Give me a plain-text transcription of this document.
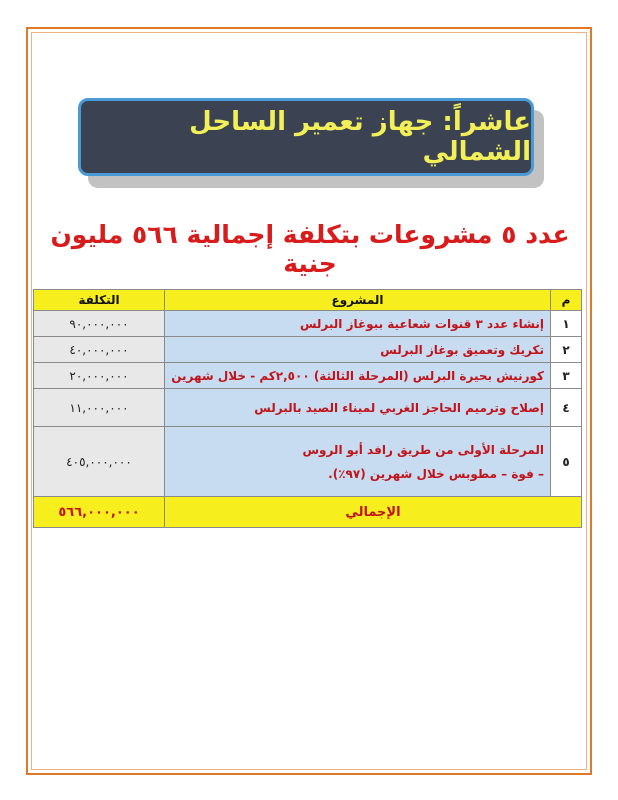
عاشراً: جهاز تعمير الساحل الشمالي
عدد ٥ مشروعات بتكلفة إجمالية ٥٦٦ مليون جنية
م	المشروع	التكلفة
١	إنشاء عدد ٣ قنوات شعاعية ببوغاز البرلس	٩٠,٠٠٠,٠٠٠
٢	تكريك وتعميق بوغاز البرلس	٤٠,٠٠٠,٠٠٠
٣	كورنيش بحيرة البرلس (المرحلة الثالثة) ٢,٥٠٠كم - خلال شهرين	٢٠,٠٠٠,٠٠٠
٤	إصلاح وترميم الحاجز الغربي لميناء الصيد بالبرلس	١١,٠٠٠,٠٠٠
٥	المرحلة الأولى من طريق رافد أبو الروس
– فوة – مطوبس خلال شهرين (٩٧٪).	٤٠٥,٠٠٠,٠٠٠
الإجمالي		٥٦٦,٠٠٠,٠٠٠
